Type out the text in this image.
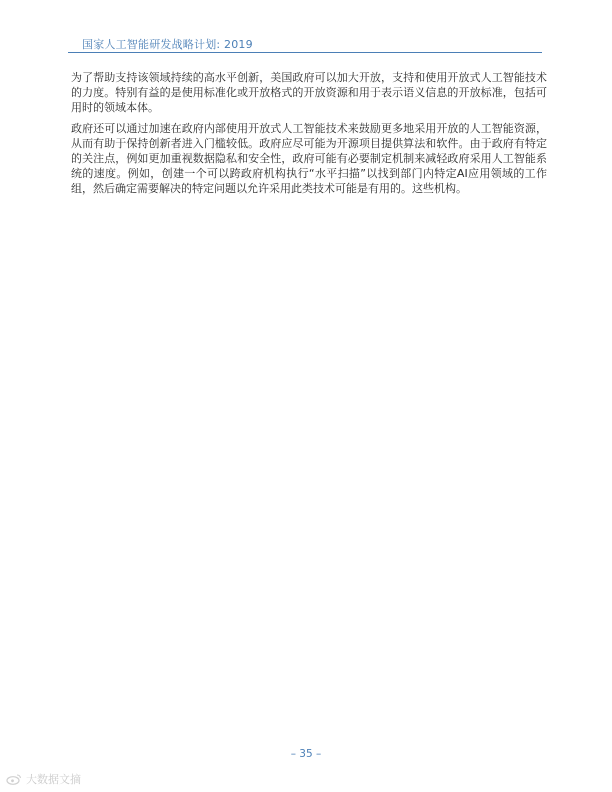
国家人工智能研发战略计划: 2019

为了帮助支持该领域持续的高水平创新，美国政府可以加大开放，支持和使用开放式人工智能技术的力度。特别有益的是使用标准化或开放格式的开放资源和用于表示语义信息的开放标准，包括可用时的领域本体。

政府还可以通过加速在政府内部使用开放式人工智能技术来鼓励更多地采用开放的人工智能资源，从而有助于保持创新者进入门槛较低。政府应尽可能为开源项目提供算法和软件。由于政府有特定的关注点，例如更加重视数据隐私和安全性，政府可能有必要制定机制来减轻政府采用人工智能系统的速度。例如，创建一个可以跨政府机构执行“水平扫描”以找到部门内特定AI应用领域的工作组，然后确定需要解决的特定问题以允许采用此类技术可能是有用的。这些机构。

– 35 –
大数据文摘
